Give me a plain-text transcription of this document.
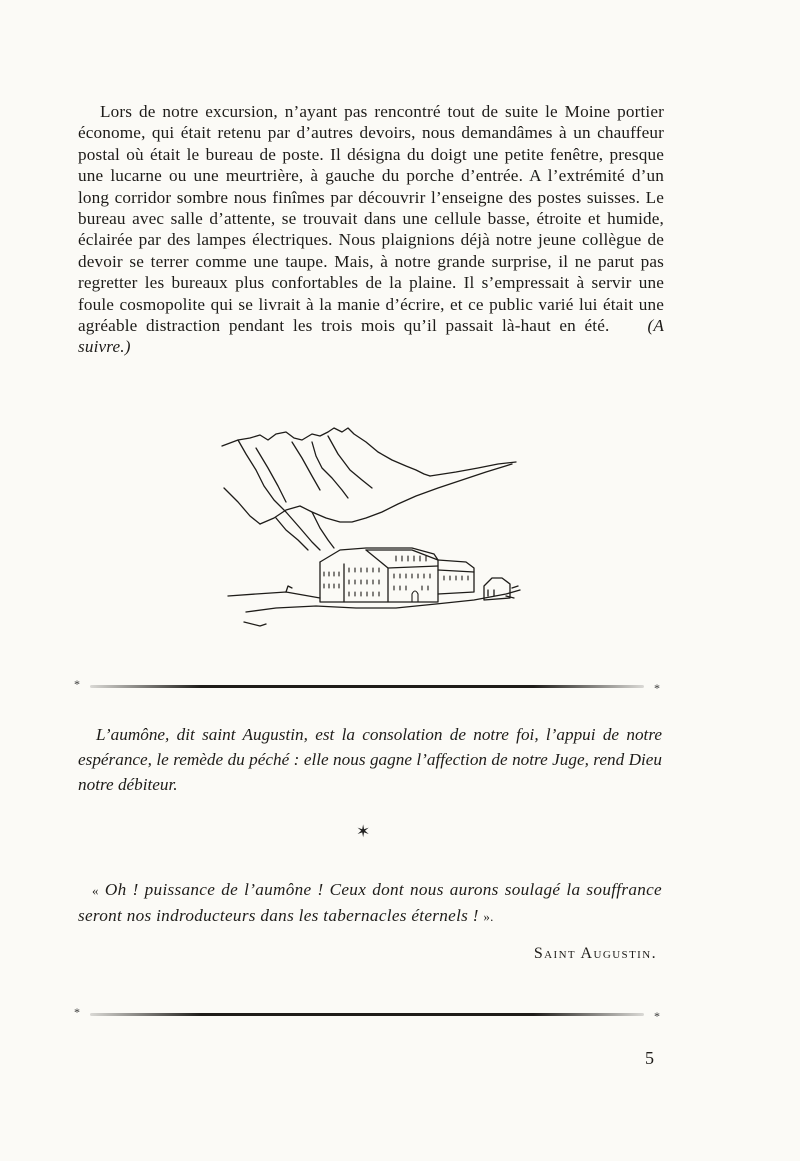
Lors de notre excursion, n’ayant pas rencontré tout de suite le Moine portier économe, qui était retenu par d’autres devoirs, nous demandâmes à un chauffeur postal où était le bureau de poste. Il désigna du doigt une petite fenêtre, presque une lucarne ou une meurtrière, à gauche du porche d’entrée. A l’extrémité d’un long corridor sombre nous finîmes par découvrir l’enseigne des postes suisses. Le bureau avec salle d’attente, se trouvait dans une cellule basse, étroite et humide, éclairée par des lampes électriques. Nous plaignions déjà notre jeune collègue de devoir se terrer comme une taupe. Mais, à notre grande surprise, il ne parut pas regretter les bureaux plus confortables de la plaine. Il s’empressait à servir une foule cosmopolite qui se livrait à la manie d’écrire, et ce public varié lui était une agréable distraction pendant les trois mois qu’il passait là-haut en été. (A suivre.)

*	*

L’aumône, dit saint Augustin, est la consolation de notre foi, l’appui de notre espérance, le remède du péché : elle nous gagne l’affection de notre Juge, rend Dieu notre débiteur.

✶

« Oh ! puissance de l’aumône ! Ceux dont nous aurons soulagé la souffrance seront nos indroducteurs dans les tabernacles éternels ! ».

Saint Augustin.
*	*
5
